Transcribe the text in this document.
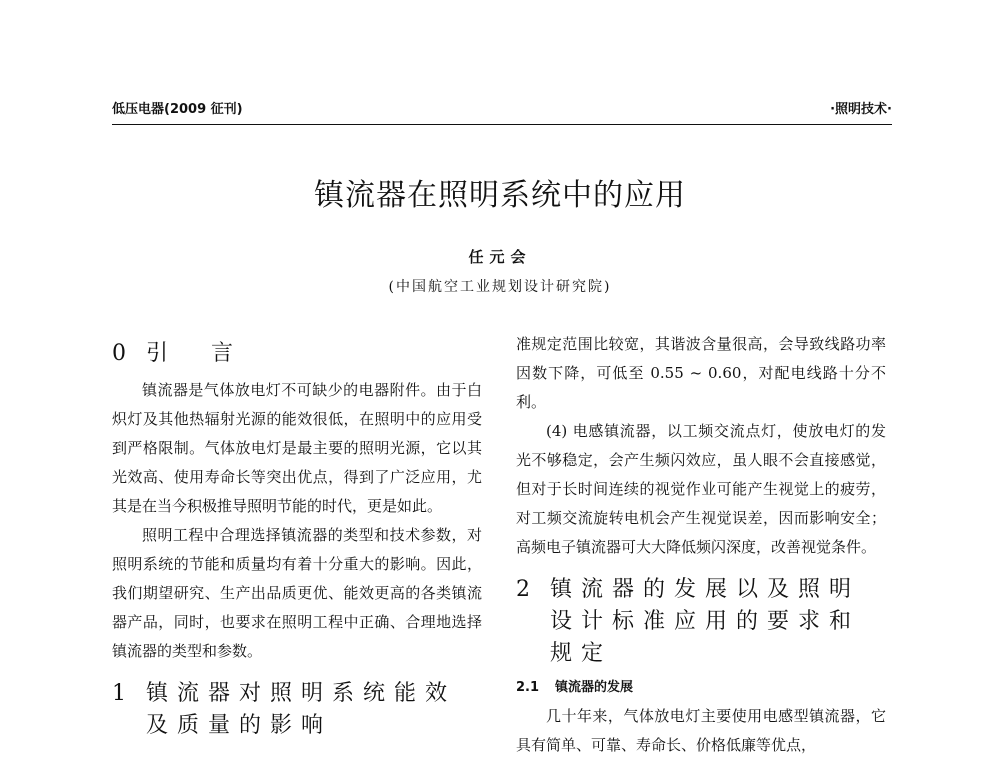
低压电器(2009 征刊)	·照明技术·
镇流器在照明系统中的应用
任元会
(中国航空工业规划设计研究院)
0 引 言

镇流器是气体放电灯不可缺少的电器附件。由于白炽灯及其他热辐射光源的能效很低，在照明中的应用受到严格限制。气体放电灯是最主要的照明光源，它以其光效高、使用寿命长等突出优点，得到了广泛应用，尤其是在当今积极推导照明节能的时代，更是如此。

照明工程中合理选择镇流器的类型和技术参数，对照明系统的节能和质量均有着十分重大的影响。因此，我们期望研究、生产出品质更优、能效更高的各类镇流器产品，同时，也要求在照明工程中正确、合理地选择镇流器的类型和参数。

1 镇流器对照明系统能效及质量的影响

准规定范围比较宽，其谐波含量很高，会导致线路功率因数下降，可低至 0.55 ~ 0.60，对配电线路十分不利。

(4) 电感镇流器，以工频交流点灯，使放电灯的发光不够稳定，会产生频闪效应，虽人眼不会直接感觉，但对于长时间连续的视觉作业可能产生视觉上的疲劳，对工频交流旋转电机会产生视觉误差，因而影响安全；高频电子镇流器可大大降低频闪深度，改善视觉条件。

2 镇流器的发展以及照明设计标准应用的要求和规定
2.1 镇流器的发展

几十年来，气体放电灯主要使用电感型镇流器，它具有简单、可靠、寿命长、价格低廉等优点，
